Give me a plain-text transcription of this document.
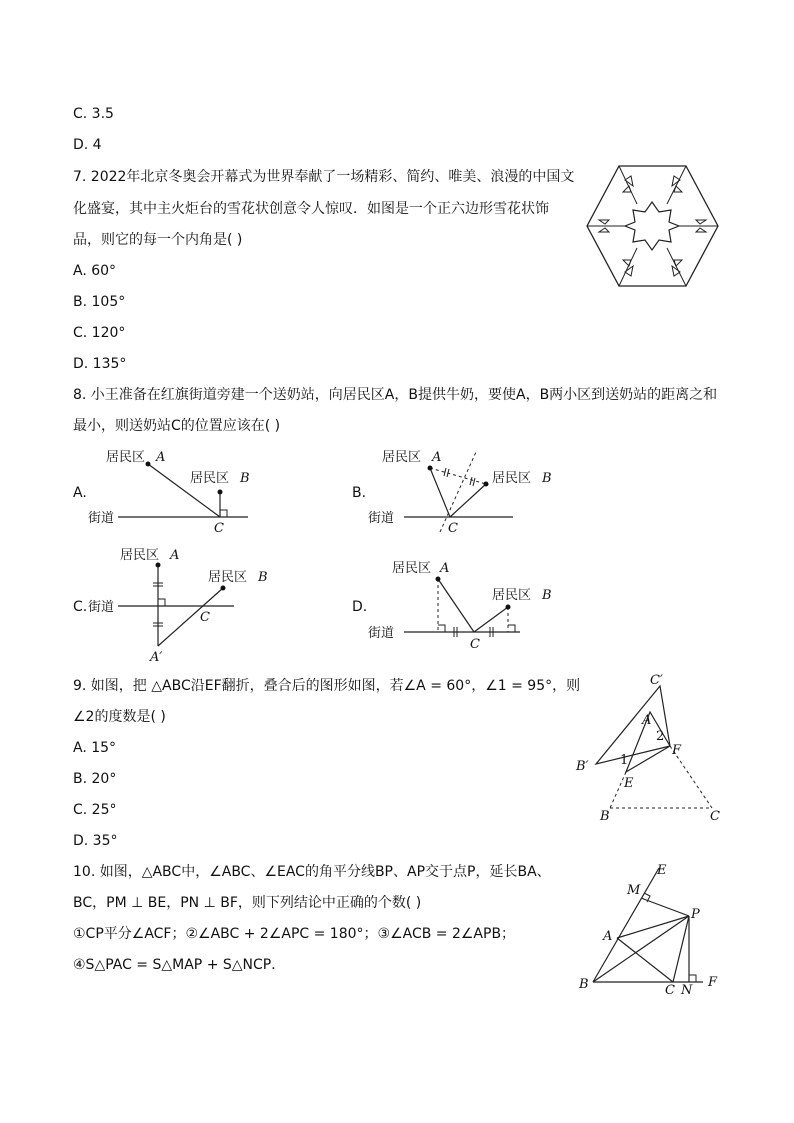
C. 3.5
D. 4
7. 2022年北京冬奥会开幕式为世界奉献了一场精彩、简约、唯美、浪漫的中国文
化盛宴，其中主火炬台的雪花状创意令人惊叹．如图是一个正六边形雪花状饰
品，则它的每一个内角是( )
A. 60°
B. 105°
C. 120°
D. 135°
8. 小王准备在红旗街道旁建一个送奶站，向居民区A，B提供牛奶，要使A，B两小区到送奶站的距离之和
最小，则送奶站C的位置应该在( )
A.
居民区 A
居民区 B
街道
C
B.
居民区 A
居民区 B
街道
C
C.
居民区 A
居民区 B
街道
C
A′
D.
居民区 A
居民区 B
街道
C
9. 如图，把 △ABC沿EF翻折，叠合后的图形如图，若∠A = 60°，∠1 = 95°，则
∠2的度数是( )
A. 15°
B. 20°
C. 25°
D. 35°
C′
A
2
F
B′ 1
E
B	C
10. 如图，△ABC中，∠ABC、∠EAC的角平分线BP、AP交于点P，延长BA、
BC，PM ⊥ BE，PN ⊥ BF，则下列结论中正确的个数( )
①CP平分∠ACF；②∠ABC + 2∠APC = 180°；③∠ACB = 2∠APB；
④S△PAC = S△MAP + S△NCP．
E
M
P
A
B	C N
F
